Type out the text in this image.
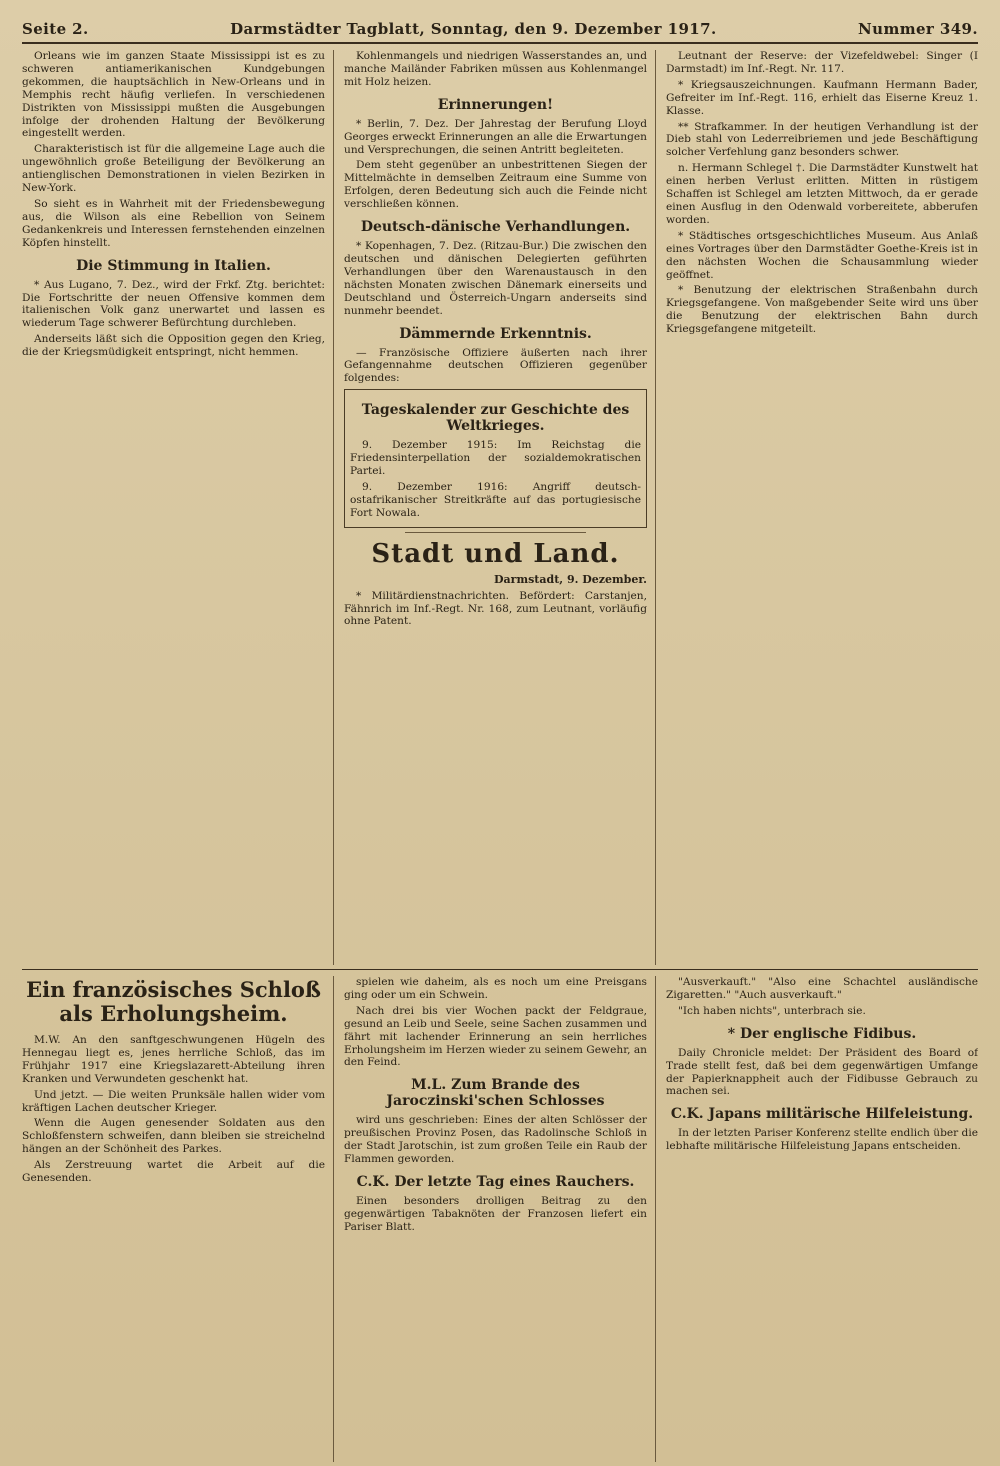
Seite 2.	Darmstädter Tagblatt, Sonntag, den 9. Dezember 1917.	Nummer 349.

Orleans wie im ganzen Staate Mississippi ist es zu schweren antiamerikanischen Kundgebungen gekommen, die hauptsächlich in New-Orleans und in Memphis recht häufig verliefen. In verschiedenen Distrikten von Mississippi mußten die Ausgebungen infolge der drohenden Haltung der Bevölkerung eingestellt werden.

Charakteristisch ist für die allgemeine Lage auch die ungewöhnlich große Beteiligung der Bevölkerung an antienglischen Demonstrationen in vielen Bezirken in New-York.

So sieht es in Wahrheit mit der Friedensbewegung aus, die Wilson als eine Rebellion von Seinem Gedankenkreis und Interessen fernstehenden einzelnen Köpfen hinstellt.

Die Stimmung in Italien.

* Aus Lugano, 7. Dez., wird der Frkf. Ztg. berichtet: Die Fortschritte der neuen Offensive kommen dem italienischen Volk ganz unerwartet und lassen es wiederum Tage schwerer Befürchtung durchleben.

Anderseits läßt sich die Opposition gegen den Krieg, die der Kriegsmüdigkeit entspringt, nicht hemmen.

Kohlenmangels und niedrigen Wasserstandes an, und manche Mailänder Fabriken müssen aus Kohlenmangel mit Holz heizen.

Erinnerungen!

* Berlin, 7. Dez. Der Jahrestag der Berufung Lloyd Georges erweckt Erinnerungen an alle die Erwartungen und Versprechungen, die seinen Antritt begleiteten.

Dem steht gegenüber an unbestrittenen Siegen der Mittelmächte in demselben Zeitraum eine Summe von Erfolgen, deren Bedeutung sich auch die Feinde nicht verschließen können.

Deutsch-dänische Verhandlungen.

* Kopenhagen, 7. Dez. (Ritzau-Bur.) Die zwischen den deutschen und dänischen Delegierten geführten Verhandlungen über den Warenaustausch in den nächsten Monaten zwischen Dänemark einerseits und Deutschland und Österreich-Ungarn anderseits sind nunmehr beendet.

Dämmernde Erkenntnis.

— Französische Offiziere äußerten nach ihrer Gefangennahme deutschen Offizieren gegenüber folgendes:

Tageskalender zur Geschichte des Weltkrieges.

9. Dezember 1915: Im Reichstag die Friedensinterpellation der sozialdemokratischen Partei.

9. Dezember 1916: Angriff deutsch-ostafrikanischer Streitkräfte auf das portugiesische Fort Nowala.

Stadt und Land.
Darmstadt, 9. Dezember.

* Militärdienstnachrichten. Befördert: Carstanjen, Fähnrich im Inf.-Regt. Nr. 168, zum Leutnant, vorläufig ohne Patent.

Leutnant der Reserve: der Vizefeldwebel: Singer (I Darmstadt) im Inf.-Regt. Nr. 117.

* Kriegsauszeichnungen. Kaufmann Hermann Bader, Gefreiter im Inf.-Regt. 116, erhielt das Eiserne Kreuz 1. Klasse.

** Strafkammer. In der heutigen Verhandlung ist der Dieb stahl von Lederreibriemen und jede Beschäftigung solcher Verfehlung ganz besonders schwer.

n. Hermann Schlegel †. Die Darmstädter Kunstwelt hat einen herben Verlust erlitten. Mitten in rüstigem Schaffen ist Schlegel am letzten Mittwoch, da er gerade einen Ausflug in den Odenwald vorbereitete, abberufen worden.

* Städtisches ortsgeschichtliches Museum. Aus Anlaß eines Vortrages über den Darmstädter Goethe-Kreis ist in den nächsten Wochen die Schausammlung wieder geöffnet.

* Benutzung der elektrischen Straßenbahn durch Kriegsgefangene. Von maßgebender Seite wird uns über die Benutzung der elektrischen Bahn durch Kriegsgefangene mitgeteilt.

Ein französisches Schloß als Erholungsheim.

M.W. An den sanftgeschwungenen Hügeln des Hennegau liegt es, jenes herrliche Schloß, das im Frühjahr 1917 eine Kriegslazarett-Abteilung ihren Kranken und Verwundeten geschenkt hat.

Und jetzt. — Die weiten Prunksäle hallen wider vom kräftigen Lachen deutscher Krieger.

Wenn die Augen genesender Soldaten aus den Schloßfenstern schweifen, dann bleiben sie streichelnd hängen an der Schönheit des Parkes.

Als Zerstreuung wartet die Arbeit auf die Genesenden.

spielen wie daheim, als es noch um eine Preisgans ging oder um ein Schwein.

Nach drei bis vier Wochen packt der Feldgraue, gesund an Leib und Seele, seine Sachen zusammen und fährt mit lachender Erinnerung an sein herrliches Erholungsheim im Herzen wieder zu seinem Gewehr, an den Feind.

M.L. Zum Brande des Jaroczinski'schen Schlosses

wird uns geschrieben: Eines der alten Schlösser der preußischen Provinz Posen, das Radolinsche Schloß in der Stadt Jarotschin, ist zum großen Teile ein Raub der Flammen geworden.

C.K. Der letzte Tag eines Rauchers.

Einen besonders drolligen Beitrag zu den gegenwärtigen Tabaknöten der Franzosen liefert ein Pariser Blatt.

"Ausverkauft." "Also eine Schachtel ausländische Zigaretten." "Auch ausverkauft."

"Ich haben nichts", unterbrach sie.

* Der englische Fidibus.

Daily Chronicle meldet: Der Präsident des Board of Trade stellt fest, daß bei dem gegenwärtigen Umfange der Papierknappheit auch der Fidibusse Gebrauch zu machen sei.

C.K. Japans militärische Hilfeleistung.

In der letzten Pariser Konferenz stellte endlich über die lebhafte militärische Hilfeleistung Japans entscheiden.
